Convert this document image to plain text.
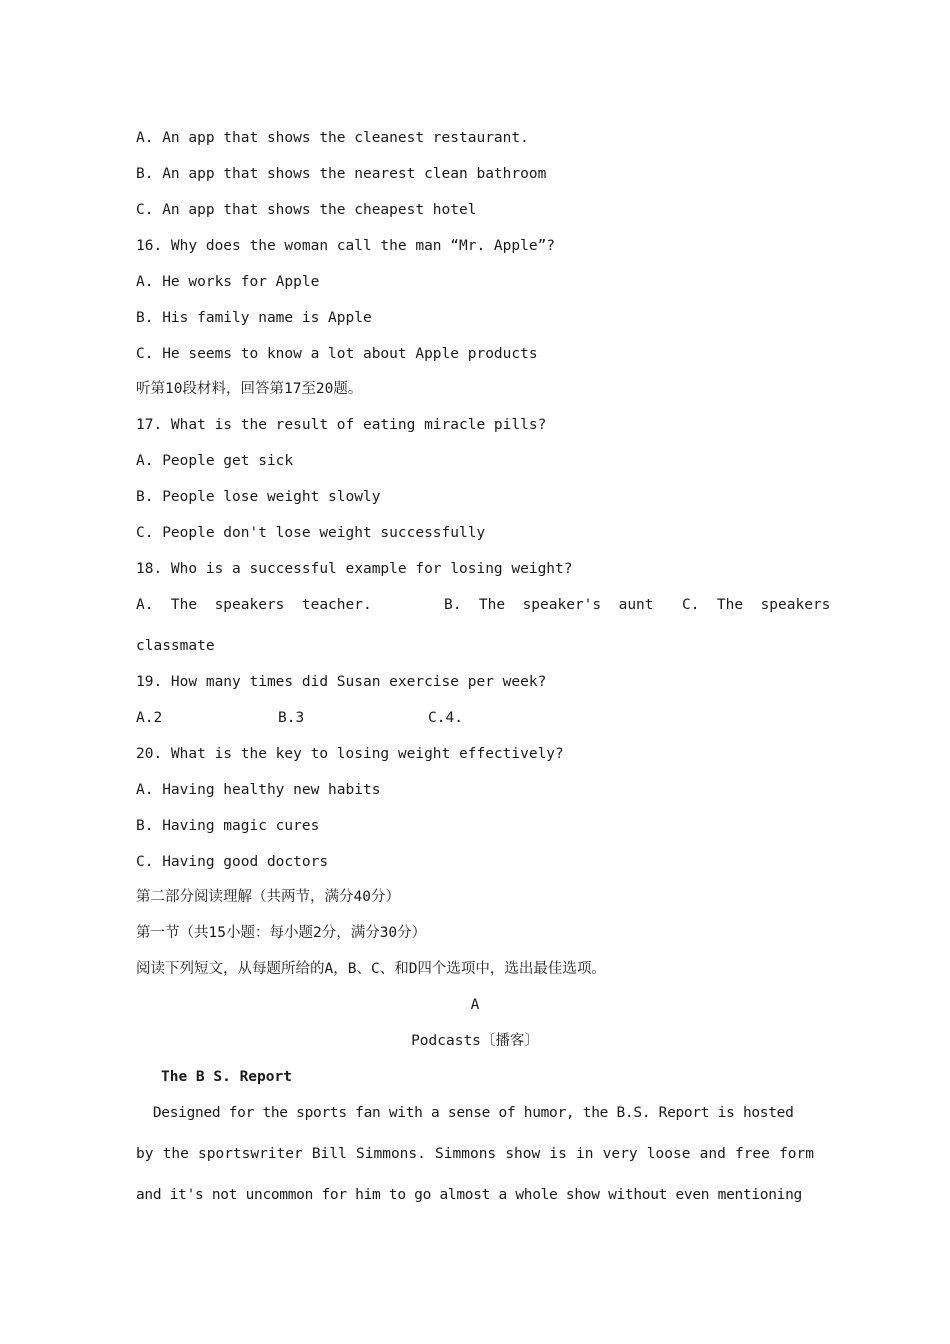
A. An app that shows the cleanest restaurant.
B. An app that shows the nearest clean bathroom
C. An app that shows the cheapest hotel
16. Why does the woman call the man “Mr. Apple”?
A. He works for Apple
B. His family name is Apple
C. He seems to know a lot about Apple products
听第10段材料，回答第17至20题。
17. What is the result of eating miracle pills?
A. People get sick
B. People lose weight slowly
C. People don't lose weight successfully
18. Who is a successful example for losing weight?
A.  The  speakers  teacher.	B.  The  speaker's  aunt C.  The  speakers
classmate
19. How many times did Susan exercise per week?
A.2	B.3	C.4.
20. What is the key to losing weight effectively?
A. Having healthy new habits
B. Having magic cures
C. Having good doctors
第二部分阅读理解（共两节，满分40分）
第一节（共15小题：每小题2分，满分30分）
阅读下列短文，从每题所给的A，B、C、和D四个选项中，选出最佳选项。
A
Podcasts〔播客〕
The B S. Report
Designed for the sports fan with a sense of humor, the B.S. Report is hosted
by the sportswriter Bill Simmons. Simmons show is in very loose and free form
and it's not uncommon for him to go almost a whole show without even mentioning
